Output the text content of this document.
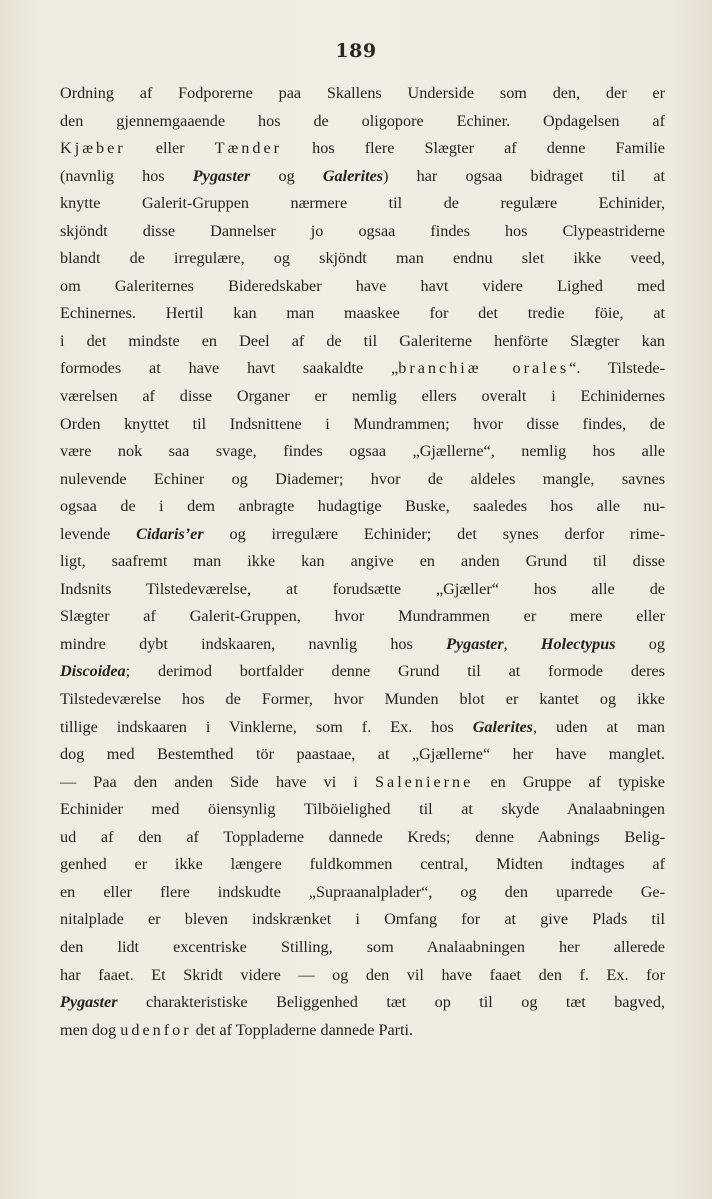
189
Ordning af Fodporerne paa Skallens Underside som den, der er
den gjennemgaaende hos de oligopore Echiner. Opdagelsen af
Kjæber eller Tænder hos flere Slægter af denne Familie
(navnlig hos Pygaster og Galerites) har ogsaa bidraget til at
knytte Galerit-Gruppen nærmere til de regulære Echinider,
skjöndt disse Dannelser jo ogsaa findes hos Clypeastriderne
blandt de irregulære, og skjöndt man endnu slet ikke veed,
om Galeriternes Bideredskaber have havt videre Lighed med
Echinernes. Hertil kan man maaskee for det tredie föie, at
i det mindste en Deel af de til Galeriterne henförte Slægter kan
formodes at have havt saakaldte „branchiæ orales“. Tilstede-
værelsen af disse Organer er nemlig ellers overalt i Echinidernes
Orden knyttet til Indsnittene i Mundrammen; hvor disse findes, de
være nok saa svage, findes ogsaa „Gjællerne“, nemlig hos alle
nulevende Echiner og Diademer; hvor de aldeles mangle, savnes
ogsaa de i dem anbragte hudagtige Buske, saaledes hos alle nu-
levende Cidaris’er og irregulære Echinider; det synes derfor rime-
ligt, saafremt man ikke kan angive en anden Grund til disse
Indsnits Tilstedeværelse, at forudsætte „Gjæller“ hos alle de
Slægter af Galerit-Gruppen, hvor Mundrammen er mere eller
mindre dybt indskaaren, navnlig hos Pygaster, Holectypus og
Discoidea; derimod bortfalder denne Grund til at formode deres
Tilstedeværelse hos de Former, hvor Munden blot er kantet og ikke
tillige indskaaren i Vinklerne, som f. Ex. hos Galerites, uden at man
dog med Bestemthed tör paastaae, at „Gjællerne“ her have manglet.
— Paa den anden Side have vi i Salenierne en Gruppe af typiske
Echinider med öiensynlig Tilböielighed til at skyde Analaabningen
ud af den af Toppladerne dannede Kreds; denne Aabnings Belig-
genhed er ikke længere fuldkommen central, Midten indtages af
en eller flere indskudte „Supraanalplader“, og den uparrede Ge-
nitalplade er bleven indskrænket i Omfang for at give Plads til
den lidt excentriske Stilling, som Analaabningen her allerede
har faaet. Et Skridt videre — og den vil have faaet den f. Ex. for
Pygaster charakteristiske Beliggenhed tæt op til og tæt bagved,
men dog udenfor det af Toppladerne dannede Parti.
